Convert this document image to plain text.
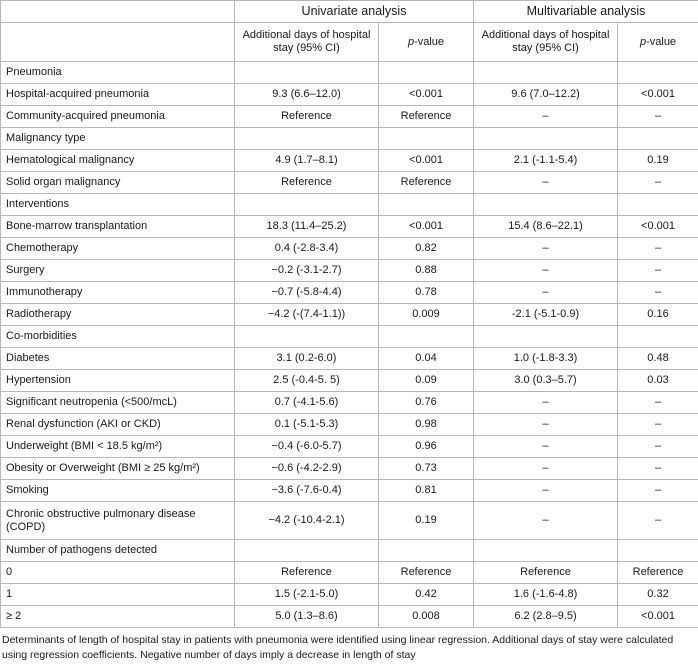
	Univariate analysis		Multivariable analysis	
	Additional days of hospital stay (95% CI)	p-value	Additional days of hospital stay (95% CI)	p-value
Pneumonia				
Hospital-acquired pneumonia	9.3 (6.6–12.0)	<0.001	9.6 (7.0–12.2)	<0.001
Community-acquired pneumonia	Reference	Reference	–	–
Malignancy type				
Hematological malignancy	4.9 (1.7–8.1)	<0.001	2.1 (-1.1-5.4)	0.19
Solid organ malignancy	Reference	Reference	–	–
Interventions				
Bone-marrow transplantation	18.3 (11.4–25.2)	<0.001	15.4 (8.6–22.1)	<0.001
Chemotherapy	0.4 (-2.8-3.4)	0.82	–	–
Surgery	−0.2 (-3.1-2.7)	0.88	–	–
Immunotherapy	−0.7 (-5.8-4.4)	0.78	–	–
Radiotherapy	−4.2 (-(7.4-1.1))	0.009	-2.1 (-5.1-0.9)	0.16
Co-morbidities				
Diabetes	3.1 (0.2-6.0)	0.04	1.0 (-1.8-3.3)	0.48
Hypertension	2.5 (-0.4-5. 5)	0.09	3.0 (0.3–5.7)	0.03
Significant neutropenia (<500/mcL)	0.7 (-4.1-5.6)	0.76	–	–
Renal dysfunction (AKI or CKD)	0.1 (-5.1-5.3)	0.98	–	–
Underweight (BMI < 18.5 kg/m²)	−0.4 (-6.0-5.7)	0.96	–	–
Obesity or Overweight (BMI ≥ 25 kg/m²)	−0.6 (-4.2-2.9)	0.73	–	–
Smoking	−3.6 (-7.6-0.4)	0.81	–	–
Chronic obstructive pulmonary disease (COPD)	−4.2 (-10.4-2.1)	0.19	–	–
Number of pathogens detected				
0	Reference	Reference	Reference	Reference
1	1.5 (-2.1-5.0)	0.42	1.6 (-1.6-4.8)	0.32
≥ 2	5.0 (1.3–8.6)	0.008	6.2 (2.8–9.5)	<0.001
Determinants of length of hospital stay in patients with pneumonia were identified using linear regression. Additional days of stay were calculated using regression coefficients. Negative number of days imply a decrease in length of stay
